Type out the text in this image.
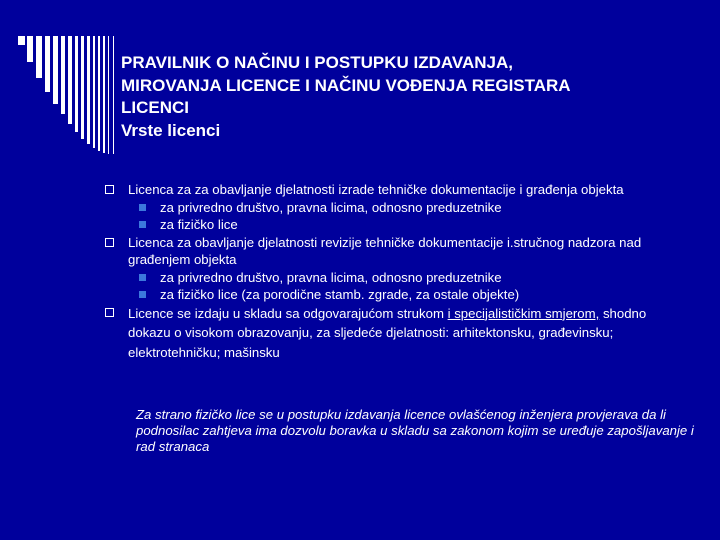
PRAVILNIK O NAČINU I POSTUPKU IZDAVANJA,
MIROVANJA LICENCE I NAČINU VOĐENJA REGISTARA
LICENCI
Vrste licenci
Licenca za za obavljanje djelatnosti izrade tehničke dokumentacije i građenja objekta
za privredno društvo, pravna licima, odnosno preduzetnike
za fizičko lice
Licenca za obavljanje djelatnosti revizije tehničke dokumentacije i.stručnog nadzora nad građenjem objekta
za privredno društvo, pravna licima, odnosno preduzetnike
za fizičko lice (za porodične stamb. zgrade, za ostale objekte)
Licence se izdaju u skladu sa odgovarajućom strukom i specijalističkim smjerom, shodno dokazu o visokom obrazovanju, za sljedeće djelatnosti: arhitektonsku, građevinsku; elektrotehničku; mašinsku
Za strano fizičko lice se u postupku izdavanja licence ovlašćenog inženjera provjerava da li podnosilac zahtjeva ima dozvolu boravka u skladu sa zakonom kojim se uređuje zapošljavanje i rad stranaca
